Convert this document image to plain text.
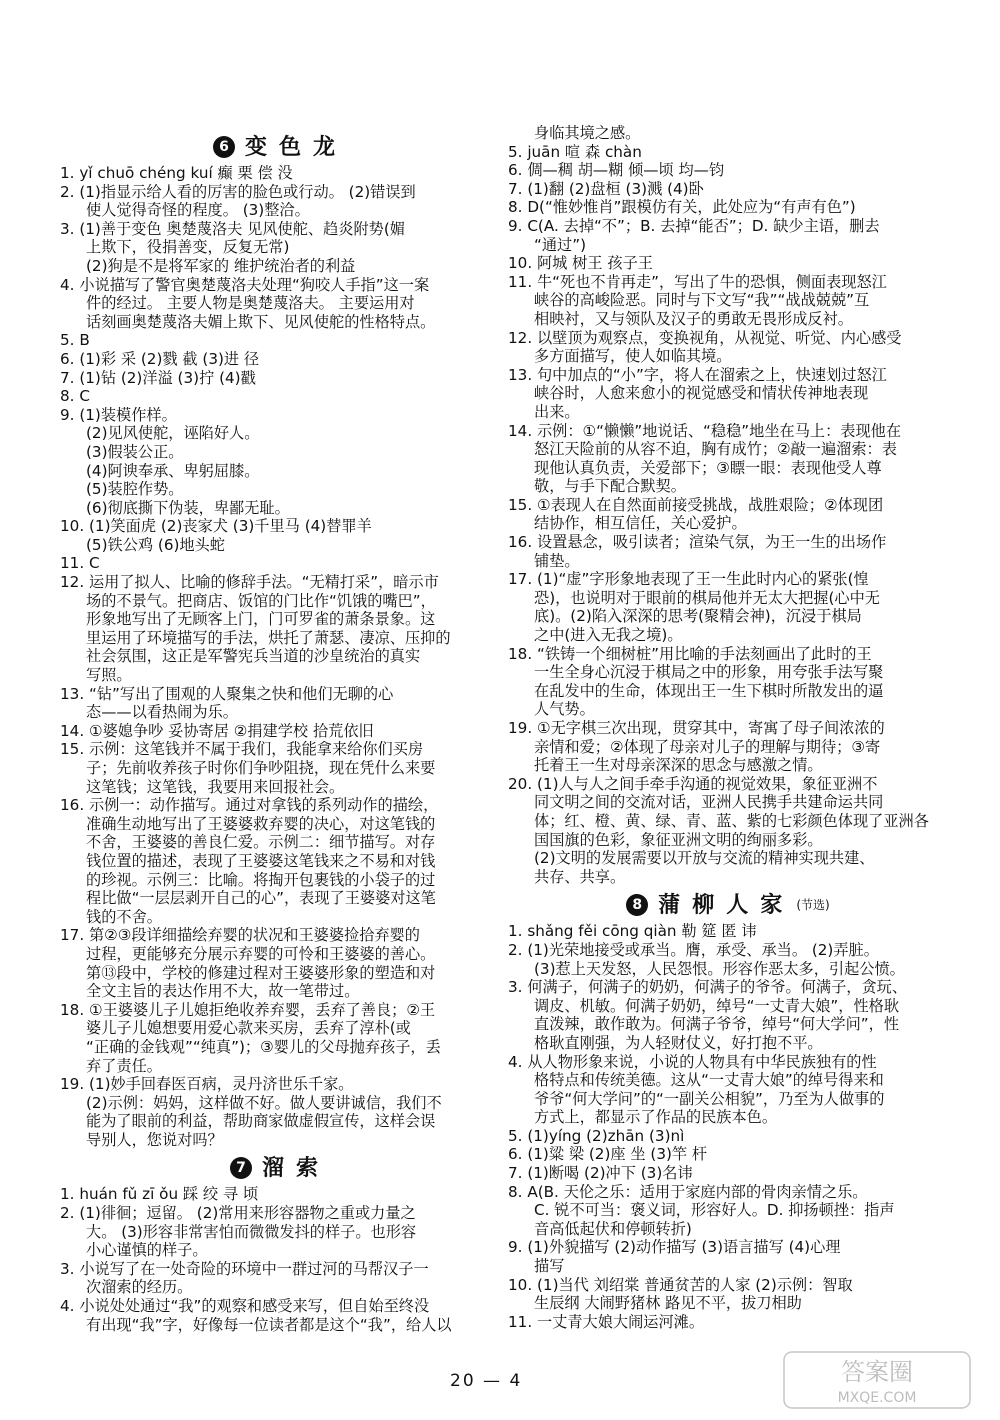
6 变色龙
1. yǐ chuō chéng kuí 癫 栗 偿 没
2. (1)指显示给人看的厉害的脸色或行动。 (2)错误到
使人觉得奇怪的程度。 (3)整洽。
3. (1)善于变色 奥楚蔑洛夫 见风使舵、趋炎附势(媚
上欺下，役捐善变，反复无常)
(2)狗是不是将军家的 维护统治者的利益
4. 小说描写了警官奥楚蔑洛夫处理“狗咬人手指”这一案
件的经过。 主要人物是奥楚蔑洛夫。 主要运用对
话刻画奥楚蔑洛夫媚上欺下、见风使舵的性格特点。
5. B
6. (1)彩 采 (2)戮 截 (3)进 径
7. (1)钻 (2)洋溢 (3)拧 (4)戳
8. C
9. (1)装模作样。
(2)见风使舵，诬陷好人。
(3)假装公正。
(4)阿谀奉承、卑躬屈膝。
(5)装腔作势。
(6)彻底撕下伪装，卑鄙无耻。
10. (1)笑面虎 (2)丧家犬 (3)千里马 (4)替罪羊
(5)铁公鸡 (6)地头蛇
11. C
12. 运用了拟人、比喻的修辞手法。“无精打采”，暗示市
场的不景气。把商店、饭馆的门比作“饥饿的嘴巴”，
形象地写出了无顾客上门，门可罗雀的萧条景象。这
里运用了环境描写的手法，烘托了萧瑟、凄凉、压抑的
社会氛围，这正是军警宪兵当道的沙皇统治的真实
写照。
13. “钻”写出了围观的人聚集之快和他们无聊的心
态——以看热闹为乐。
14. ①婆媳争吵 妥协寄居 ②捐建学校 拾荒依旧
15. 示例：这笔钱并不属于我们，我能拿来给你们买房
子；先前收养孩子时你们争吵阻挠，现在凭什么来要
这笔钱；这笔钱，我要用来回报社会。
16. 示例一：动作描写。通过对拿钱的系列动作的描绘，
准确生动地写出了王婆婆救弃婴的决心，对这笔钱的
不舍，王婆婆的善良仁爱。示例二：细节描写。对存
钱位置的描述，表现了王婆婆这笔钱来之不易和对钱
的珍视。示例三：比喻。将掏开包裹钱的小袋子的过
程比做“一层层剥开自己的心”，表现了王婆婆对这笔
钱的不舍。
17. 第②③段详细描绘弃婴的状况和王婆婆捡拾弃婴的
过程，更能够充分展示弃婴的可怜和王婆婆的善心。
第⑬段中，学校的修建过程对王婆婆形象的塑造和对
全文主旨的表达作用不大，故一笔带过。
18. ①王婆婆儿子儿媳拒绝收养弃婴，丢弃了善良；②王
婆儿子儿媳想要用爱心款来买房，丢弃了淳朴(或
“正确的金钱观”“纯真”)；③婴儿的父母抛弃孩子，丢
弃了责任。
19. (1)妙手回春医百病，灵丹济世乐千家。
(2)示例：妈妈，这样做不好。做人要讲诚信，我们不
能为了眼前的利益，帮助商家做虚假宣传，这样会误
导别人，您说对吗？
7 溜索
1. huán fǔ zī ǒu 踩 绞 寻 顷
2. (1)徘徊；逗留。 (2)常用来形容器物之重或力量之
大。 (3)形容非常害怕而微微发抖的样子。也形容
小心谨慎的样子。
3. 小说写了在一处奇险的环境中一群过河的马帮汉子一
次溜索的经历。
4. 小说处处通过“我”的观察和感受来写，但自始至终没
有出现“我”字，好像每一位读者都是这个“我”，给人以
身临其境之感。
5. juān 喧 森 chàn
6. 倜—稠 胡—糊 倾—顷 均—钧
7. (1)翻 (2)盘桓 (3)溅 (4)卧
8. D(“惟妙惟肖”跟模仿有关，此处应为“有声有色”)
9. C(A. 去掉“不”；B. 去掉“能否”；D. 缺少主语，删去
“通过”)
10. 阿城 树王 孩子王
11. 牛“死也不肯再走”，写出了牛的恐惧，侧面表现怒江
峡谷的高峻险恶。同时与下文写“我”“战战兢兢”互
相映衬，又与领队及汉子的勇敢无畏形成反衬。
12. 以壁顶为观察点，变换视角，从视觉、听觉、内心感受
多方面描写，使人如临其境。
13. 句中加点的“小”字，将人在溜索之上，快速划过怒江
峡谷时，人愈来愈小的视觉感受和情状传神地表现
出来。
14. 示例：①“懒懒”地说话、“稳稳”地坐在马上：表现他在
怒江天险前的从容不迫，胸有成竹；②敲一遍溜索：表
现他认真负责，关爱部下；③瞟一眼：表现他受人尊
敬，与手下配合默契。
15. ①表现人在自然面前接受挑战，战胜艰险；②体现团
结协作，相互信任，关心爱护。
16. 设置悬念，吸引读者；渲染气氛，为王一生的出场作
铺垫。
17. (1)“虚”字形象地表现了王一生此时内心的紧张(惶
恐)，也说明对于眼前的棋局他并无太大把握(心中无
底)。(2)陷入深深的思考(聚精会神)，沉浸于棋局
之中(进入无我之境)。
18. “铁铸一个细树桩”用比喻的手法刻画出了此时的王
一生全身心沉浸于棋局之中的形象，用夸张手法写聚
在乱发中的生命，体现出王一生下棋时所散发出的逼
人气势。
19. ①无字棋三次出现，贯穿其中，寄寓了母子间浓浓的
亲情和爱；②体现了母亲对儿子的理解与期待；③寄
托着王一生对母亲深深的思念与感激之情。
20. (1)人与人之间手牵手沟通的视觉效果，象征亚洲不
同文明之间的交流对话，亚洲人民携手共建命运共同
体；红、橙、黄、绿、青、蓝、紫的七彩颜色体现了亚洲各
国国旗的色彩，象征亚洲文明的绚丽多彩。
(2)文明的发展需要以开放与交流的精神实现共建、
共存、共享。
8 蒲柳人家 (节选)
1. shǎng fěi cōng qiàn 勒 筵 匿 讳
2. (1)光荣地接受或承当。膺，承受、承当。 (2)弄脏。
(3)惹上天发怒，人民怨恨。形容作恶太多，引起公愤。
3. 何满子，何满子的奶奶，何满子的爷爷。何满子，贪玩、
调皮、机敏。何满子奶奶，绰号“一丈青大娘”，性格耿
直泼辣，敢作敢为。何满子爷爷，绰号“何大学问”，性
格耿直刚强，为人轻财仗义，好打抱不平。
4. 从人物形象来说，小说的人物具有中华民族独有的性
格特点和传统美德。这从“一丈青大娘”的绰号得来和
爷爷“何大学问”的“一副关公相貌”，乃至为人做事的
方式上，都显示了作品的民族本色。
5. (1)yíng (2)zhān (3)nì
6. (1)粱 梁 (2)座 坐 (3)竿 杆
7. (1)断喝 (2)冲下 (3)名讳
8. A(B. 天伦之乐：适用于家庭内部的骨肉亲情之乐。
C. 锐不可当：褒义词，形容好人。D. 抑扬顿挫：指声
音高低起伏和停顿转折)
9. (1)外貌描写 (2)动作描写 (3)语言描写 (4)心理
描写
10. (1)当代 刘绍棠 普通贫苦的人家 (2)示例：智取
生辰纲 大闹野猪林 路见不平，拔刀相助
11. 一丈青大娘大闹运河滩。
20 — 4	答案圈
MXQE.COM
